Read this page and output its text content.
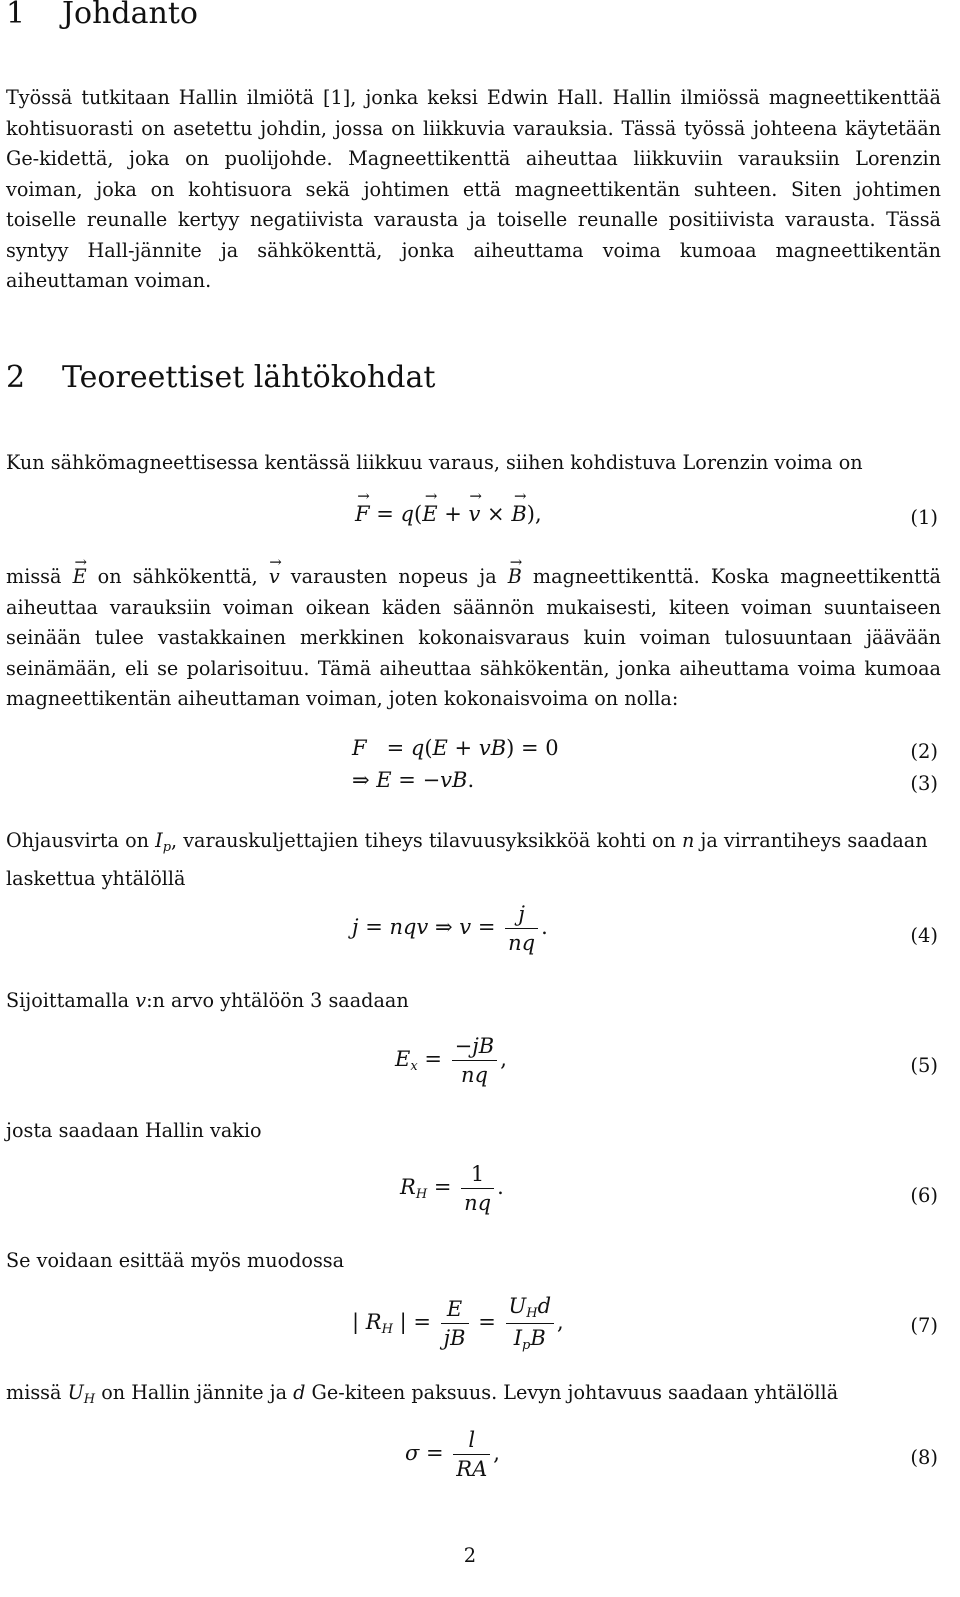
1 Johdanto
Työssä tutkitaan Hallin ilmiötä [1], jonka keksi Edwin Hall. Hallin ilmiössä magneettikenttää kohtisuorasti on asetettu johdin, jossa on liikkuvia varauksia. Tässä työssä johteena käytetään Ge-kidettä, joka on puolijohde. Magneettikenttä aiheuttaa liikkuviin varauksiin Lorenzin voiman, joka on kohtisuora sekä johtimen että magneettikentän suhteen. Siten johtimen toiselle reunalle kertyy negatiivista varausta ja toiselle reunalle positiivista varausta. Tässä syntyy Hall-jännite ja sähkökenttä, jonka aiheuttama voima kumoaa magneettikentän aiheuttaman voiman.
2 Teoreettiset lähtökohdat
Kun sähkömagneettisessa kentässä liikkuu varaus, siihen kohdistuva Lorenzin voima on
→ F = q(→ E + → v × → B),	(1)
missä → E on sähkökenttä, → v varausten nopeus ja → B magneettikenttä. Koska magneettikenttä aiheuttaa varauksiin voiman oikean käden säännön mukaisesti, kiteen voiman suuntaiseen seinään tulee vastakkainen merkkinen kokonaisvaraus kuin voiman tulosuuntaan jäävään seinämään, eli se polarisoituu. Tämä aiheuttaa sähkökentän, jonka aiheuttama voima kumoaa magneettikentän aiheuttaman voiman, joten kokonaisvoima on nolla:
F   = q(E + vB) = 0	(2)
⇒ E = −vB.	(3)
Ohjausvirta on $I_p$, varauskuljettajien tiheys tilavuusyksikköä kohti on n ja virrantiheys saadaan laskettua yhtälöllä
j = nqv ⇒ $v = \frac{j}{nq}$ .	(4)
Sijoittamalla v:n arvo yhtälöön 3 saadaan
$E_x = \frac{-jB}{nq}$ ,	(5)
josta saadaan Hallin vakio
$R_H = \frac{1}{nq}$ .	(6)
Se voidaan esittää myös muodossa
| $R_H$ | = $\frac{E}{jB} = \frac{U_Hd}{I_pB}$ ,	(7)
missä $U_H$ on Hallin jännite ja d Ge-kiteen paksuus. Levyn johtavuus saadaan yhtälöllä
$\sigma = \frac{l}{RA}$ ,	(8)
2
